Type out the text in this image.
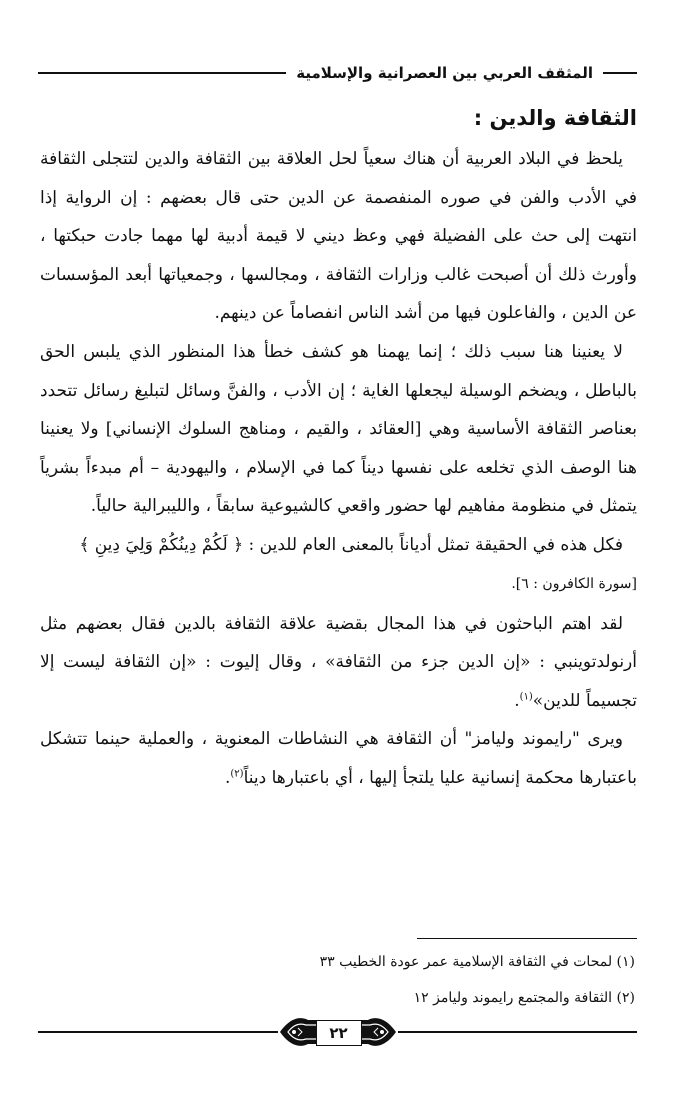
المثقف العربي بين العصرانية والإسلامية
الثقافة والدين :

يلحظ في البلاد العربية أن هناك سعياً لحل العلاقة بين الثقافة والدين لتتجلى الثقافة في الأدب والفن في صوره المنفصمة عن الدين حتى قال بعضهم : إن الرواية إذا انتهت إلى حث على الفضيلة فهي وعظ ديني لا قيمة أدبية لها مهما جادت حبكتها ، وأورث ذلك أن أصبحت غالب وزارات الثقافة ، ومجالسها ، وجمعياتها أبعد المؤسسات عن الدين ، والفاعلون فيها من أشد الناس انفصاماً عن دينهم.

لا يعنينا هنا سبب ذلك ؛ إنما يهمنا هو كشف خطأ هذا المنظور الذي يلبس الحق بالباطل ، ويضخم الوسيلة ليجعلها الغاية ؛ إن الأدب ، والفنَّ وسائل لتبليغ رسائل تتحدد بعناصر الثقافة الأساسية وهي [العقائد ، والقيم ، ومناهج السلوك الإنساني] ولا يعنينا هنا الوصف الذي تخلعه على نفسها ديناً كما في الإسلام ، واليهودية – أم مبدءاً بشرياً يتمثل في منظومة مفاهيم لها حضور واقعي كالشيوعية سابقاً ، والليبرالية حالياً.

فكل هذه في الحقيقة تمثل أدياناً بالمعنى العام للدين : ﴿ لَكُمْ دِينُكُمْ وَلِيَ دِينِ ﴾

[سورة الكافرون : ٦].

لقد اهتم الباحثون في هذا المجال بقضية علاقة الثقافة بالدين فقال بعضهم مثل أرنولدتوينبي : «إن الدين جزء من الثقافة» ، وقال إليوت : «إن الثقافة ليست إلا تجسيماً للدين»$^{(١)}$.

ويرى "رايموند وليامز" أن الثقافة هي النشاطات المعنوية ، والعملية حينما تتشكل باعتبارها محكمة إنسانية عليا يلتجأ إليها ، أي باعتبارها ديناً$^{(٢)}$.

(١) لمحات في الثقافة الإسلامية عمر عودة الخطيب ٣٣

(٢) الثقافة والمجتمع رايموند وليامز ١٢

٢٢
